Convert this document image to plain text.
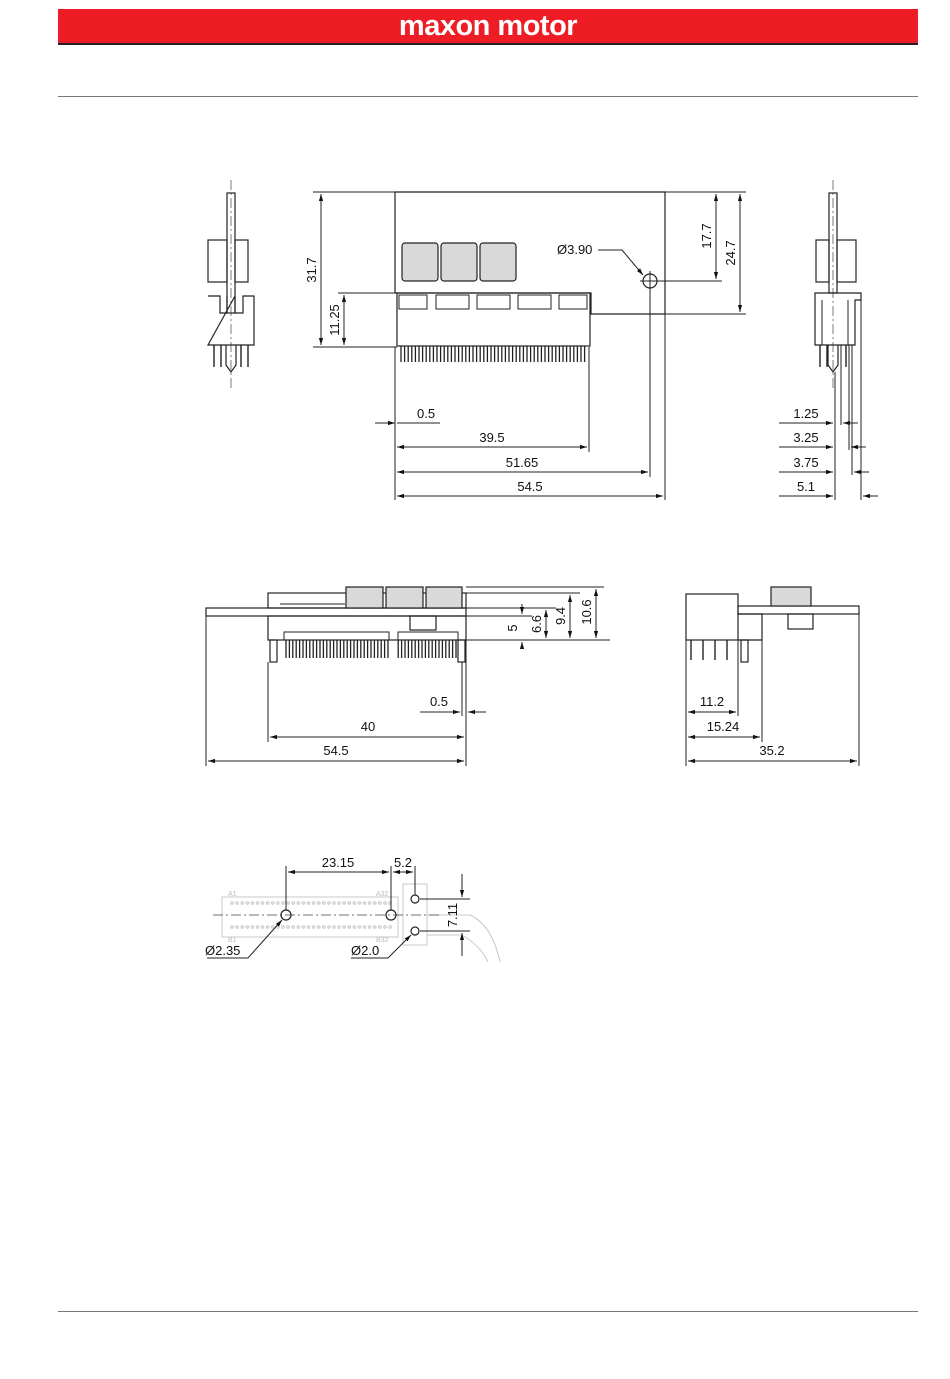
maxon motor
Ø3.90
31.7
11.25
17.7
24.7
0.5
39.5
51.65
54.5
1.25
3.25
3.75
5.1
5 6.6 9.4 10.6
0.5
40
54.5
11.2
15.24
35.2
A1
B1
A32
B32
23.15	5.2
7.11
Ø2.35	Ø2.0
